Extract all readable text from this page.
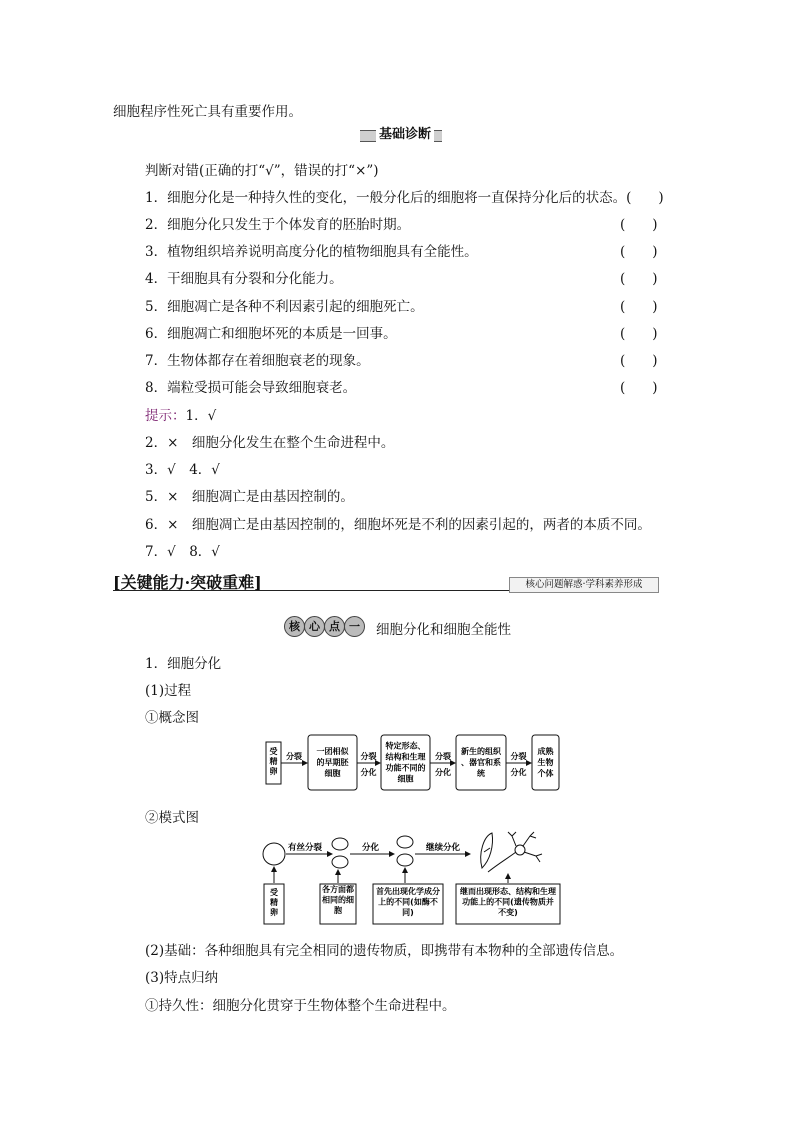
细胞程序性死亡具有重要作用。
基础诊断
判断对错(正确的打“√”，错误的打“×”)
1．细胞分化是一种持久性的变化，一般分化后的细胞将一直保持分化后的状态。(　　)
2．细胞分化只发生于个体发育的胚胎时期。	(　　)
3．植物组织培养说明高度分化的植物细胞具有全能性。	(　　)
4．干细胞具有分裂和分化能力。	(　　)
5．细胞凋亡是各种不利因素引起的细胞死亡。	(　　)
6．细胞凋亡和细胞坏死的本质是一回事。	(　　)
7．生物体都存在着细胞衰老的现象。	(　　)
8．端粒受损可能会导致细胞衰老。	(　　)
提示：1．√
2．×　细胞分化发生在整个生命进程中。
3．√　4．√
5．×　细胞凋亡是由基因控制的。
6．×　细胞凋亡是由基因控制的，细胞坏死是不利的因素引起的，两者的本质不同。
7．√　8．√
[关键能力·突破重难]	核心问题解惑·学科素养形成
核 心 点 一	细胞分化和细胞全能性
1．细胞分化
(1)过程
①概念图
受
精
卵
一团相似
的早期胚
细胞
特定形态、
结构和生理
功能不同的
细胞
新生的组织
、器官和系
统
成熟
生物
个体
分裂	分裂
分化
分裂
分化
分裂
分化
②模式图
有丝分裂	分化	继续分化
受
精
卵
各方面都
相同的细
胞
首先出现化学成分
上的不同(如酶不
同)
继而出现形态、结构和生理
功能上的不同(遗传物质并
不变)
(2)基础：各种细胞具有完全相同的遗传物质，即携带有本物种的全部遗传信息。
(3)特点归纳
①持久性：细胞分化贯穿于生物体整个生命进程中。
